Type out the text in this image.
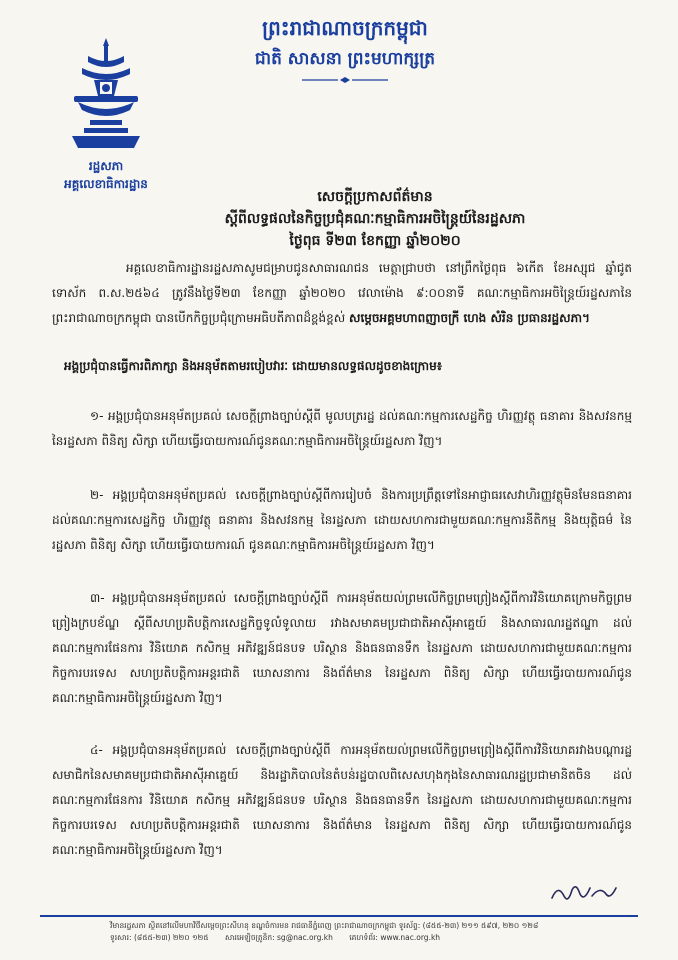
ព្រះរាជាណាចក្រកម្ពុជា
ជាតិ សាសនា ព្រះមហាក្សត្រ
រដ្ឋសភា
អគ្គលេខាធិការដ្ឋាន
សេចក្តីប្រកាសព័ត៌មាន
ស្តីពីលទ្ធផលនៃកិច្ចប្រជុំគណៈកម្មាធិការអចិន្ត្រៃយ៍នៃរដ្ឋសភា
ថ្ងៃពុធ ទី២៣ ខែកញ្ញា ឆ្នាំ២០២០
អគ្គលេខាធិការដ្ឋានរដ្ឋសភាសូមជម្រាបជូនសាធារណជន មេត្តាជ្រាបថា នៅព្រឹកថ្ងៃពុធ ៦កើត ខែអស្សុជ ឆ្នាំជូត ទោស័ក ព.ស.២៥៦៤ ត្រូវនឹងថ្ងៃទី២៣ ខែកញ្ញា ឆ្នាំ២០២០ វេលាម៉ោង ៩:០០នាទី គណៈកម្មាធិការអចិន្ត្រៃយ៍រដ្ឋសភានៃព្រះរាជាណាចក្រកម្ពុជា បានបើកកិច្ចប្រជុំក្រោមអធិបតីភាពដ៏ខ្ពង់ខ្ពស់ សម្តេចអគ្គមហាពញាចក្រី ហេង សំរិន ប្រធានរដ្ឋសភា។
អង្គប្រជុំបានធ្វើការពិភាក្សា និងអនុម័តតាមរបៀបវារៈ ដោយមានលទ្ធផលដូចខាងក្រោម៖
១- អង្គប្រជុំបានអនុម័តប្រគល់ សេចក្តីព្រាងច្បាប់ស្តីពី មូលបត្ររដ្ឋ ដល់គណៈកម្មការសេដ្ឋកិច្ច ហិរញ្ញវត្ថុ ធនាគារ និងសវនកម្ម នៃរដ្ឋសភា ពិនិត្យ សិក្សា ហើយធ្វើរបាយការណ៍ជូនគណៈកម្មាធិការអចិន្ត្រៃយ៍រដ្ឋសភា វិញ។
២- អង្គប្រជុំបានអនុម័តប្រគល់ សេចក្តីព្រាងច្បាប់ស្តីពីការរៀបចំ និងការប្រព្រឹត្តទៅនៃអាជ្ញាធរសេវាហិរញ្ញវត្ថុមិនមែនធនាគារ ដល់គណៈកម្មការសេដ្ឋកិច្ច ហិរញ្ញវត្ថុ ធនាគារ និងសវនកម្ម នៃរដ្ឋសភា ដោយសហការជាមួយគណៈកម្មការនីតិកម្ម និងយុត្តិធម៌ នៃរដ្ឋសភា ពិនិត្យ សិក្សា ហើយធ្វើរបាយការណ៍ ជូនគណៈកម្មាធិការអចិន្ត្រៃយ៍រដ្ឋសភា វិញ។
៣- អង្គប្រជុំបានអនុម័តប្រគល់ សេចក្តីព្រាងច្បាប់ស្តីពី ការអនុម័តយល់ព្រមលើកិច្ចព្រមព្រៀងស្តីពីការវិនិយោគក្រោមកិច្ចព្រមព្រៀងក្របខ័ណ្ឌ ស្តីពីសហប្រតិបត្តិការសេដ្ឋកិច្ចទូលំទូលាយ រវាងសមាគមប្រជាជាតិអាស៊ីអាគ្នេយ៍ និងសាធារណរដ្ឋឥណ្ឌា ដល់គណៈកម្មការផែនការ វិនិយោគ កសិកម្ម អភិវឌ្ឍន៍ជនបទ បរិស្ថាន និងធនធានទឹក នៃរដ្ឋសភា ដោយសហការជាមួយគណៈកម្មការកិច្ចការបរទេស សហប្រតិបត្តិការអន្តរជាតិ ឃោសនាការ និងព័ត៌មាន នៃរដ្ឋសភា ពិនិត្យ សិក្សា ហើយធ្វើរបាយការណ៍ជូនគណៈកម្មាធិការអចិន្ត្រៃយ៍រដ្ឋសភា វិញ។
៤- អង្គប្រជុំបានអនុម័តប្រគល់ សេចក្តីព្រាងច្បាប់ស្តីពី ការអនុម័តយល់ព្រមលើកិច្ចព្រមព្រៀងស្តីពីការវិនិយោគរវាងបណ្តារដ្ឋសមាជិកនៃសមាគមប្រជាជាតិអាស៊ីអាគ្នេយ៍ និងរដ្ឋាភិបាលនៃតំបន់រដ្ឋបាលពិសេសហុងកុងនៃសាធារណរដ្ឋប្រជាមានិតចិន ដល់គណៈកម្មការផែនការ វិនិយោគ កសិកម្ម អភិវឌ្ឍន៍ជនបទ បរិស្ថាន និងធនធានទឹក នៃរដ្ឋសភា ដោយសហការជាមួយគណៈកម្មការកិច្ចការបរទេស សហប្រតិបត្តិការអន្តរជាតិ ឃោសនាការ និងព័ត៌មាន នៃរដ្ឋសភា ពិនិត្យ សិក្សា ហើយធ្វើរបាយការណ៍ជូនគណៈកម្មាធិការអចិន្ត្រៃយ៍រដ្ឋសភា វិញ។
វិមានរដ្ឋសភា ស្ថិតនៅលើមហាវិថីសម្តេចព្រះសីហនុ ខណ្ឌចំការមន រាជធានីភ្នំពេញ ព្រះរាជាណាចក្រកម្ពុជា ទូរស័ព្ទ: (៨៥៥-២៣) ២១១ ៥៩៧, ២២០ ១២៨
ទូរសារ: (៨៥៥-២៣) ២២០ ១២៥ សារអេឡិចត្រូនិក: sg@nac.org.kh គេហទំព័រ: www.nac.org.kh
